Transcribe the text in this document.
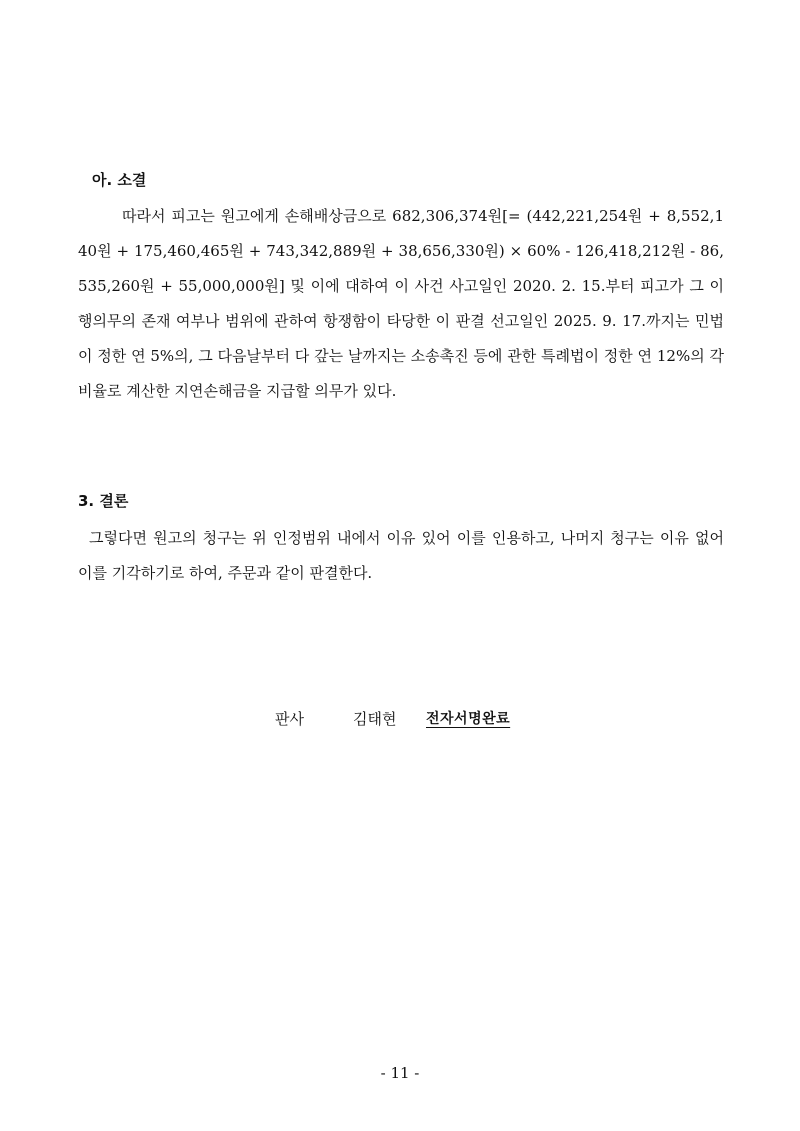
아. 소결

따라서 피고는 원고에게 손해배상금으로 682,306,374원[= (442,221,254원 + 8,552,140원 + 175,460,465원 + 743,342,889원 + 38,656,330원) × 60% - 126,418,212원 - 86,535,260원 + 55,000,000원] 및 이에 대하여 이 사건 사고일인 2020. 2. 15.부터 피고가 그 이행의무의 존재 여부나 범위에 관하여 항쟁함이 타당한 이 판결 선고일인 2025. 9. 17.까지는 민법이 정한 연 5%의, 그 다음날부터 다 갚는 날까지는 소송촉진 등에 관한 특례법이 정한 연 12%의 각 비율로 계산한 지연손해금을 지급할 의무가 있다.

3. 결론

그렇다면 원고의 청구는 위 인정범위 내에서 이유 있어 이를 인용하고, 나머지 청구는 이유 없어 이를 기각하기로 하여, 주문과 같이 판결한다.

판사	김태현 전자서명완료
- 11 -
